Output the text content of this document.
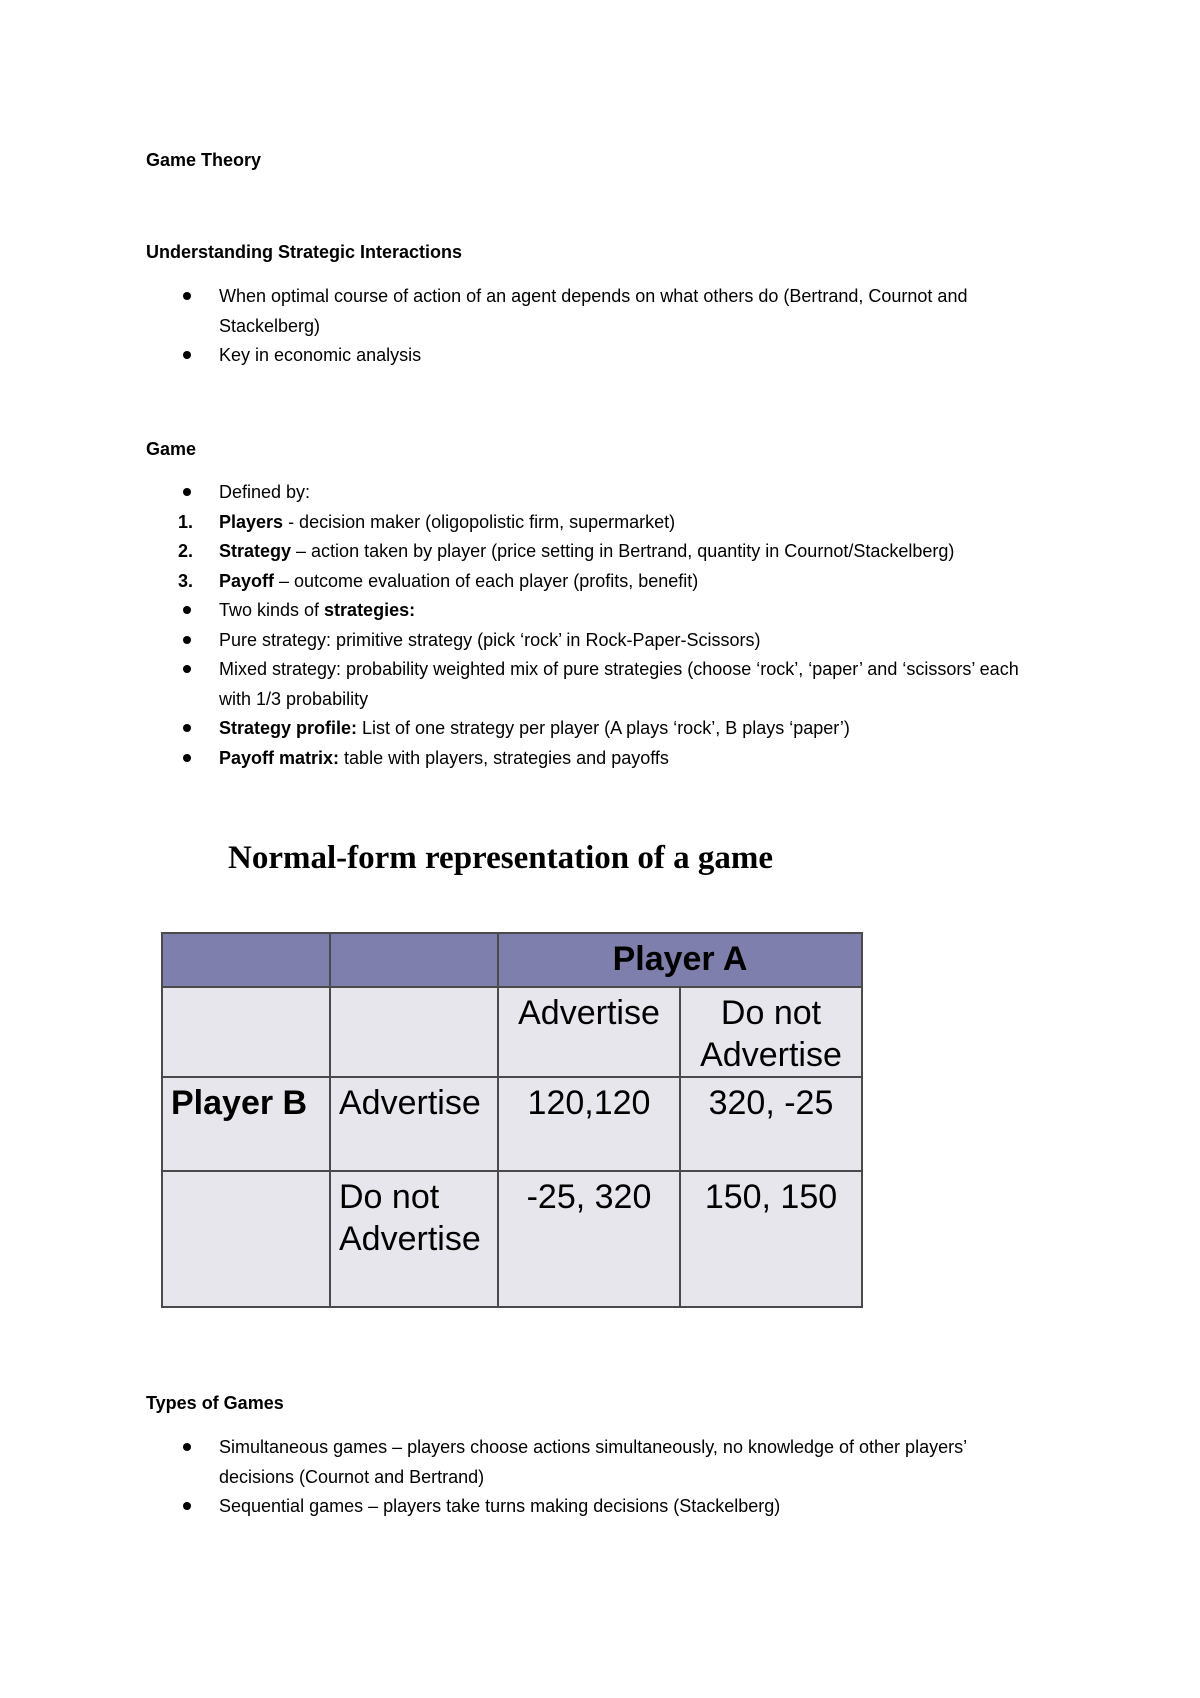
Game Theory
Understanding Strategic Interactions
When optimal course of action of an agent depends on what others do (Bertrand, Cournot and Stackelberg)
Key in economic analysis
Game
Defined by:
1. Players - decision maker (oligopolistic firm, supermarket)
2. Strategy – action taken by player (price setting in Bertrand, quantity in Cournot/Stackelberg)
3. Payoff – outcome evaluation of each player (profits, benefit)
Two kinds of strategies:
Pure strategy: primitive strategy (pick ‘rock’ in Rock-Paper-Scissors)
Mixed strategy: probability weighted mix of pure strategies (choose ‘rock’, ‘paper’ and ‘scissors’ each with 1/3 probability
Strategy profile: List of one strategy per player (A plays ‘rock’, B plays ‘paper’)
Payoff matrix: table with players, strategies and payoffs
Normal-form representation of a game

		Player A	

		Advertise	Do not Advertise
Player B	Advertise	120,120	320, -25
	Do not Advertise	-25, 320	150, 150
Types of Games
Simultaneous games – players choose actions simultaneously, no knowledge of other players’ decisions (Cournot and Bertrand)
Sequential games – players take turns making decisions (Stackelberg)
